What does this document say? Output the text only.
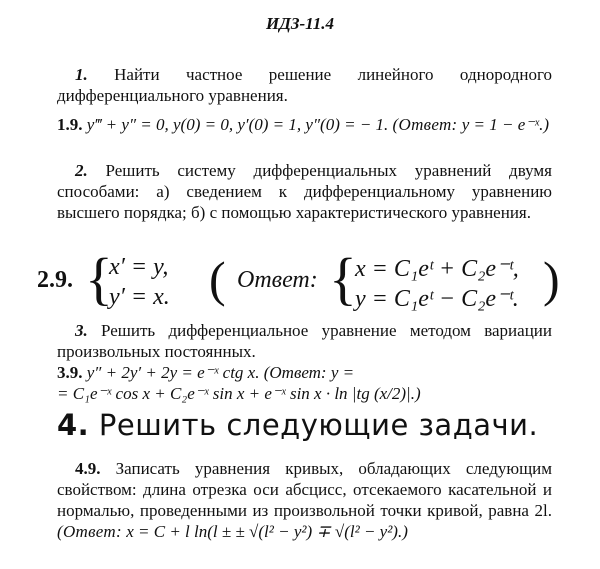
ИДЗ-11.4
1. Найти частное решение линейного однородного дифференциального уравнения.
1.9. y‴ + y″ = 0, y(0) = 0, y′(0) = 1, y″(0) = − 1. (Ответ: y = 1 − e⁻ˣ.)
2. Решить систему дифференциальных уравнений двумя способами: а) сведением к дифференциальному уравнению высшего порядка; б) с помощью характеристического уравнения.
2.9. {
x′ = y,
y′ = x. ( Ответ: {
x = C₁eᵗ + C₂e⁻ᵗ,
y = C₁eᵗ − C₂e⁻ᵗ. )
3. Решить дифференциальное уравнение методом вариации произвольных постоянных.
3.9. y″ + 2y′ + 2y = e⁻ˣ ctg x. (Ответ: y =
= C₁e⁻ˣ cos x + C₂e⁻ˣ sin x + e⁻ˣ sin x · ln |tg (x/2)|.)
4. Решить следующие задачи.
4.9. Записать уравнения кривых, обладающих следующим свойством: длина отрезка оси абсцисс, отсекаемого касательной и нормалью, проведенными из произвольной точки кривой, равна 2l. (Ответ: x = C + l ln(l ± ± √(l² − y²) ∓ √(l² − y²).)
